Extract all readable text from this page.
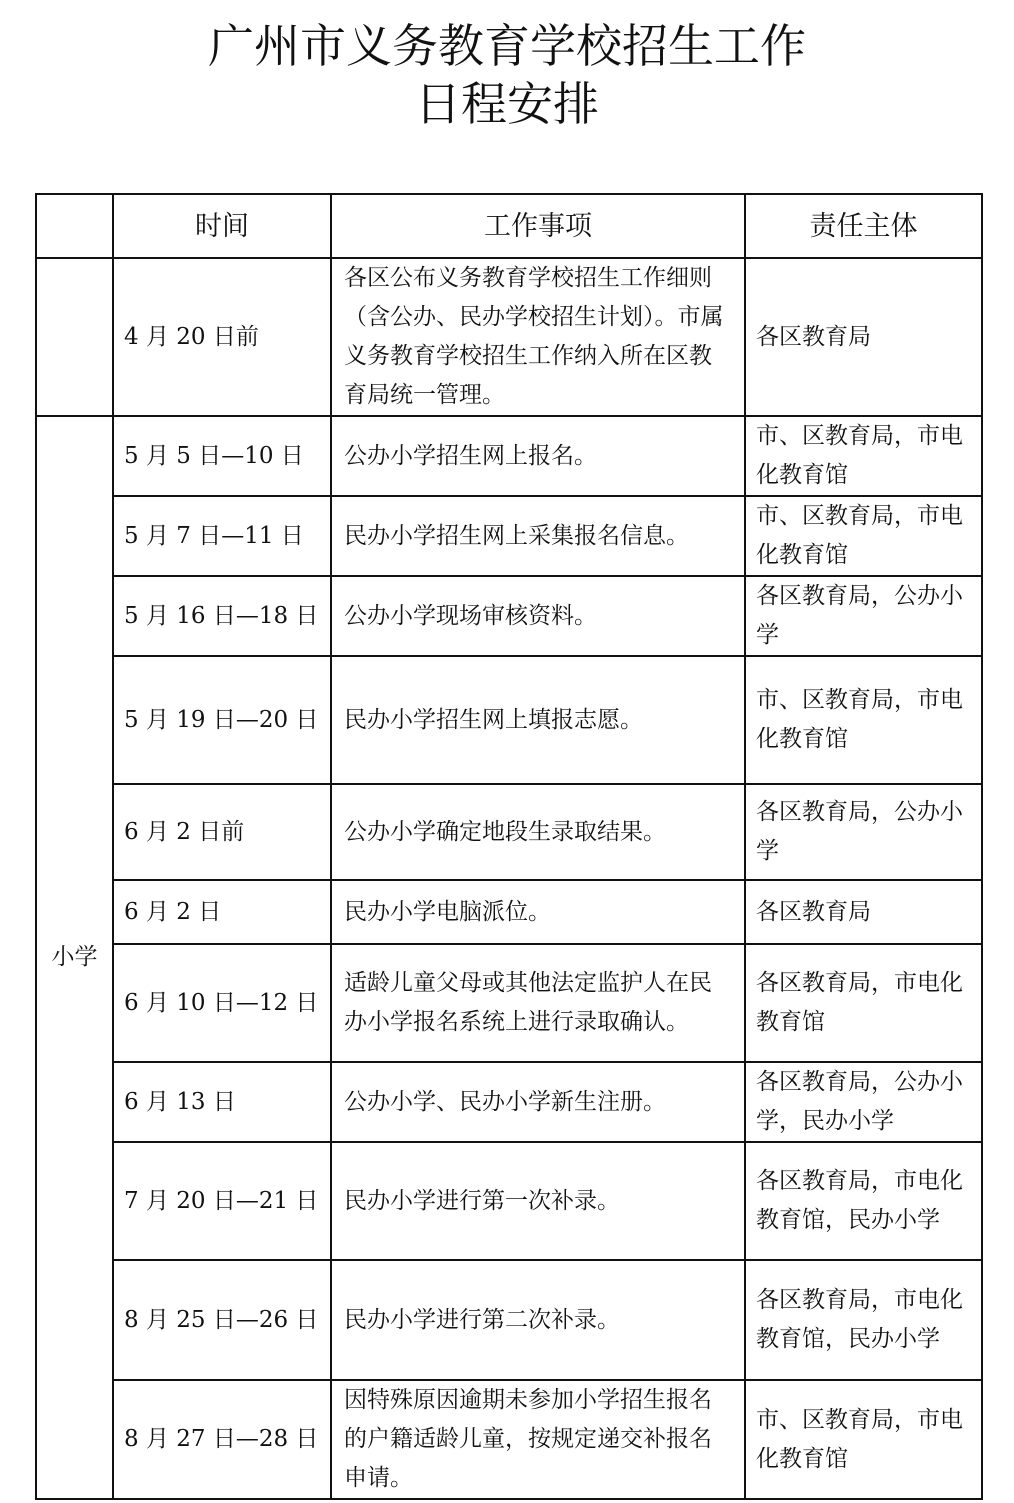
广州市义务教育学校招生工作
日程安排
	时间	工作事项	责任主体
	4 月 20 日前	各区公布义务教育学校招生工作细则（含公办、民办学校招生计划）。市属义务教育学校招生工作纳入所在区教育局统一管理。	各区教育局
小学	5 月 5 日—10 日	公办小学招生网上报名。	市、区教育局，市电化教育馆
	5 月 7 日—11 日	民办小学招生网上采集报名信息。	市、区教育局，市电化教育馆
	5 月 16 日—18 日	公办小学现场审核资料。	各区教育局，公办小学
	5 月 19 日—20 日	民办小学招生网上填报志愿。	市、区教育局，市电化教育馆
	6 月 2 日前	公办小学确定地段生录取结果。	各区教育局，公办小学
	6 月 2 日	民办小学电脑派位。	各区教育局
	6 月 10 日—12 日	适龄儿童父母或其他法定监护人在民办小学报名系统上进行录取确认。	各区教育局，市电化教育馆
	6 月 13 日	公办小学、民办小学新生注册。	各区教育局，公办小学，民办小学
	7 月 20 日—21 日	民办小学进行第一次补录。	各区教育局，市电化教育馆，民办小学
	8 月 25 日—26 日	民办小学进行第二次补录。	各区教育局，市电化教育馆，民办小学
	8 月 27 日—28 日	因特殊原因逾期未参加小学招生报名的户籍适龄儿童，按规定递交补报名申请。	市、区教育局，市电化教育馆
